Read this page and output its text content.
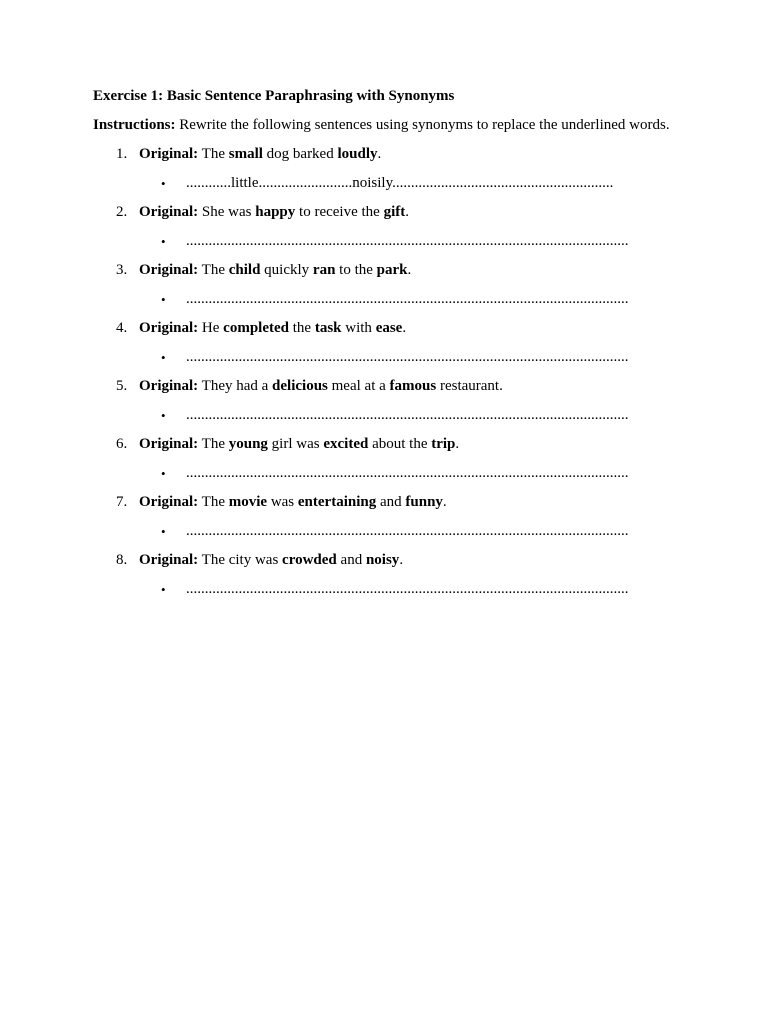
Exercise 1: Basic Sentence Paraphrasing with Synonyms
Instructions: Rewrite the following sentences using synonyms to replace the underlined words.
1. Original: The small dog barked loudly.
• ............little.........................noisily...........................................................
2. Original: She was happy to receive the gift.
• ......................................................................................................................
3. Original: The child quickly ran to the park.
• ......................................................................................................................
4. Original: He completed the task with ease.
• ......................................................................................................................
5. Original: They had a delicious meal at a famous restaurant.
• ......................................................................................................................
6. Original: The young girl was excited about the trip.
• ......................................................................................................................
7. Original: The movie was entertaining and funny.
• ......................................................................................................................
8. Original: The city was crowded and noisy.
• ......................................................................................................................
